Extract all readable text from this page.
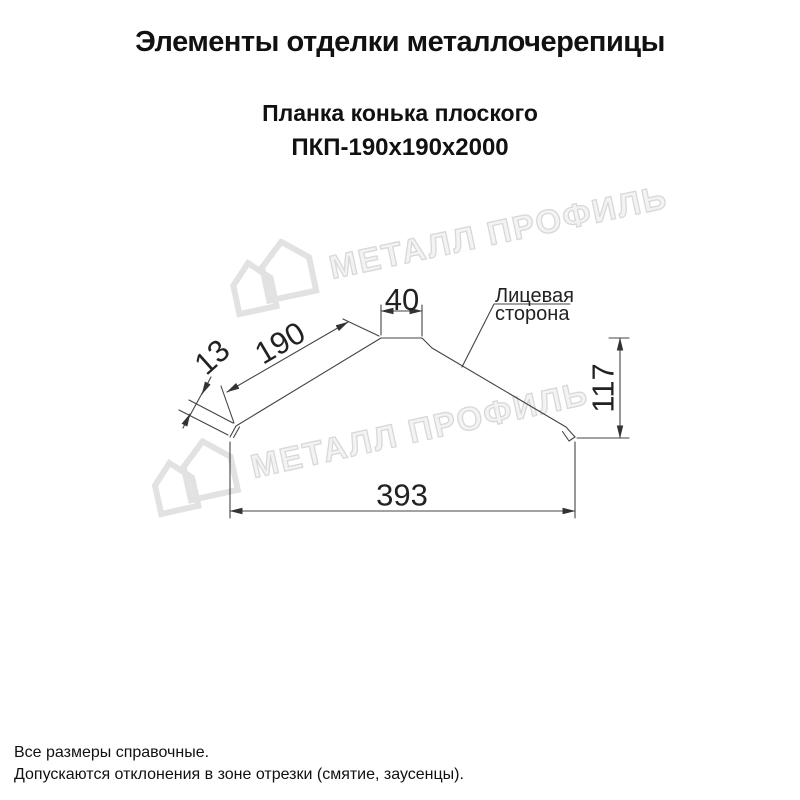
Элементы отделки металлочерепицы
Планка конька плоского
ПКП-190х190х2000
МЕТАЛЛ ПРОФИЛЬ
МЕТАЛЛ ПРОФИЛЬ
40
190
13
117
393
Лицевая сторона
Все размеры справочные.
Допускаются отклонения в зоне отрезки (смятие, заусенцы).
